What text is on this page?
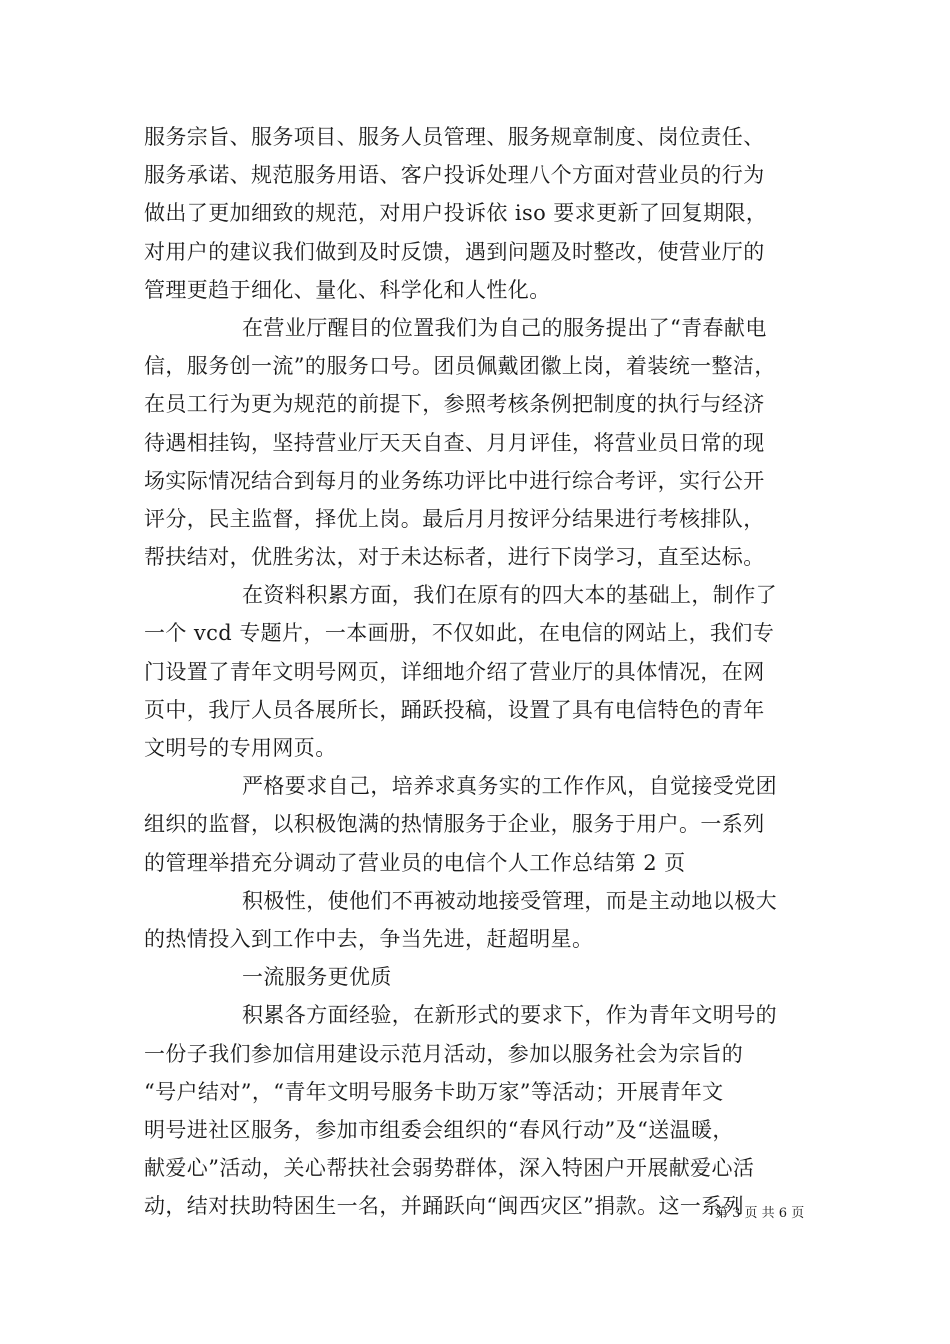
服务宗旨、服务项目、服务人员管理、服务规章制度、岗位责任、
服务承诺、规范服务用语、客户投诉处理八个方面对营业员的行为
做出了更加细致的规范，对用户投诉依 iso 要求更新了回复期限，
对用户的建议我们做到及时反馈，遇到问题及时整改，使营业厅的
管理更趋于细化、量化、科学化和人性化。
在营业厅醒目的位置我们为自己的服务提出了“青春献电
信，服务创一流”的服务口号。团员佩戴团徽上岗，着装统一整洁，
在员工行为更为规范的前提下，参照考核条例把制度的执行与经济
待遇相挂钩，坚持营业厅天天自查、月月评佳，将营业员日常的现
场实际情况结合到每月的业务练功评比中进行综合考评，实行公开
评分，民主监督，择优上岗。最后月月按评分结果进行考核排队，
帮扶结对，优胜劣汰，对于未达标者，进行下岗学习，直至达标。
在资料积累方面，我们在原有的四大本的基础上，制作了
一个 vcd 专题片，一本画册，不仅如此，在电信的网站上，我们专
门设置了青年文明号网页，详细地介绍了营业厅的具体情况，在网
页中，我厅人员各展所长，踊跃投稿，设置了具有电信特色的青年
文明号的专用网页。
严格要求自己，培养求真务实的工作作风，自觉接受党团
组织的监督，以积极饱满的热情服务于企业，服务于用户。一系列
的管理举措充分调动了营业员的电信个人工作总结第 2 页
积极性，使他们不再被动地接受管理，而是主动地以极大
的热情投入到工作中去，争当先进，赶超明星。
一流服务更优质
积累各方面经验，在新形式的要求下，作为青年文明号的
一份子我们参加信用建设示范月活动，参加以服务社会为宗旨的
“号户结对”，“青年文明号服务卡助万家”等活动；开展青年文
明号进社区服务，参加市组委会组织的“春风行动”及“送温暖，
献爱心”活动，关心帮扶社会弱势群体，深入特困户开展献爱心活
动，结对扶助特困生一名，并踊跃向“闽西灾区”捐款。这一系列
第 3 页 共 6 页
